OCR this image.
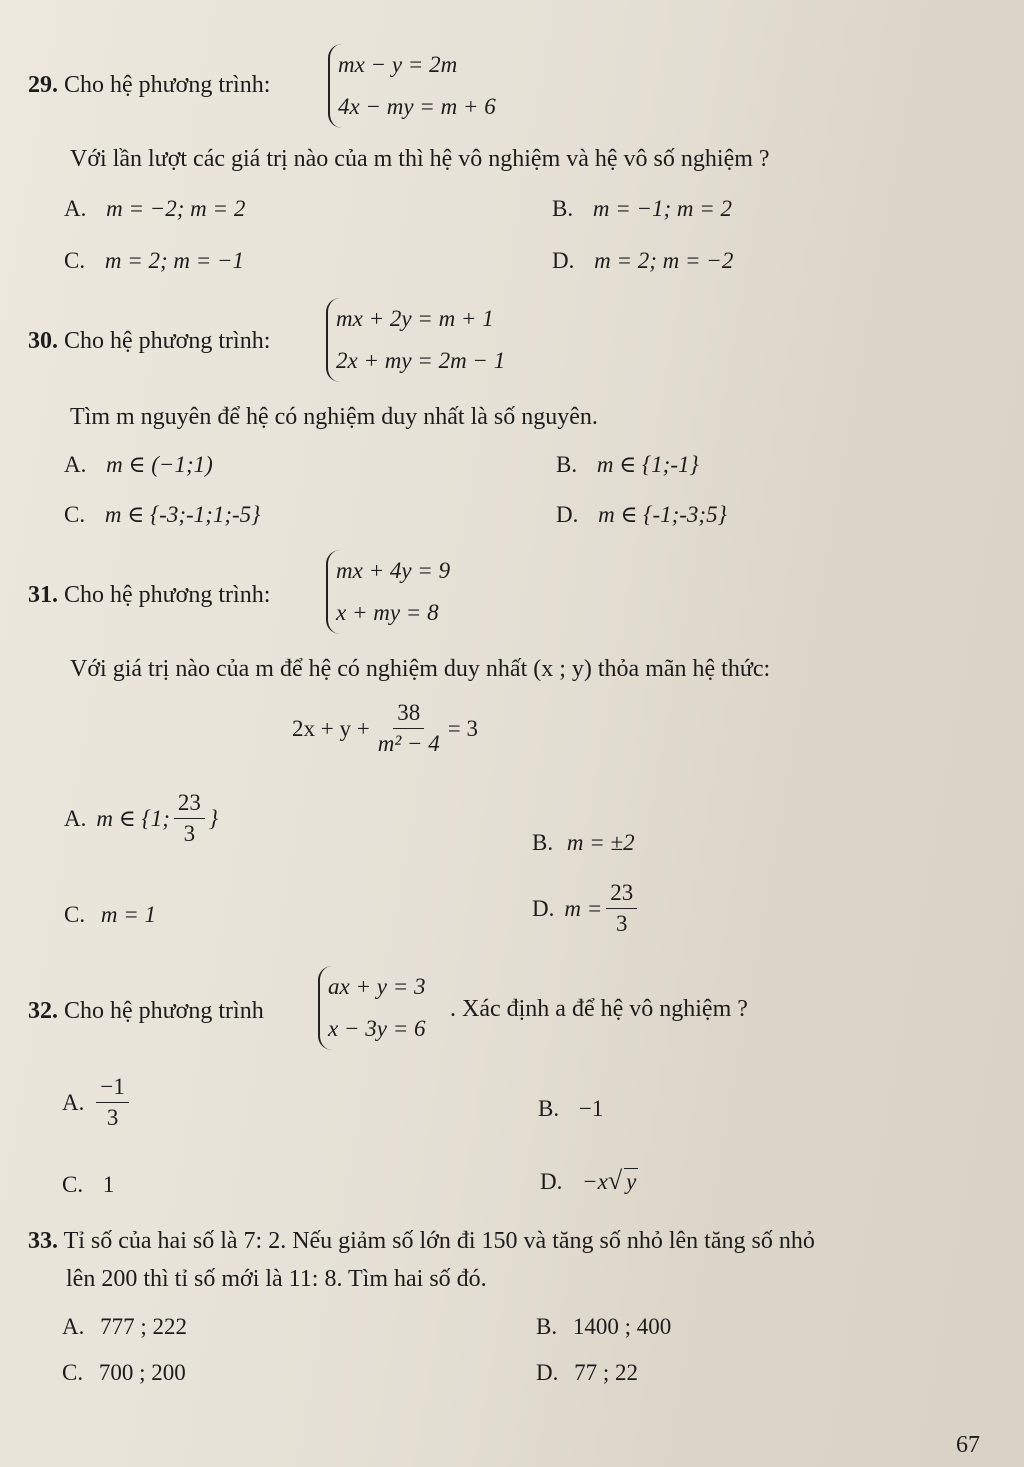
29. Cho hệ phương trình:
mx − y = 2m
4x − my = m + 6
Với lần lượt các giá trị nào của m thì hệ vô nghiệm và hệ vô số nghiệm ?
A. m = −2; m = 2	B. m = −1; m = 2
C. m = 2; m = −1	D. m = 2; m = −2
30. Cho hệ phương trình:
mx + 2y = m + 1
2x + my = 2m − 1
Tìm m nguyên để hệ có nghiệm duy nhất là số nguyên.
A. m ∈ (−1;1)	B. m ∈ {1;-1}
C. m ∈ {-3;-1;1;-5}	D. m ∈ {-1;-3;5}
31. Cho hệ phương trình:
mx + 4y = 9
x + my = 8
Với giá trị nào của m để hệ có nghiệm duy nhất (x ; y) thỏa mãn hệ thức:
$2x + y + \frac{38}{\text{m² − 4}} = 3$
A. m ∈ {1; $\frac{23}{3}$ }
B. m = ±2
C. m = 1	D. $m = \frac{23}{3}$
32. Cho hệ phương trình
ax + y = 3
x − 3y = 6
. Xác định a để hệ vô nghiệm ?
A. $\frac{-1}{3}$	B. −1
C. 1	D. −x√ y
33. Tỉ số của hai số là 7: 2. Nếu giảm số lớn đi 150 và tăng số nhỏ lên tăng số nhỏ
lên 200 thì tỉ số mới là 11: 8. Tìm hai số đó.
A. 777 ; 222	B. 1400 ; 400
C. 700 ; 200	D. 77 ; 22
67
